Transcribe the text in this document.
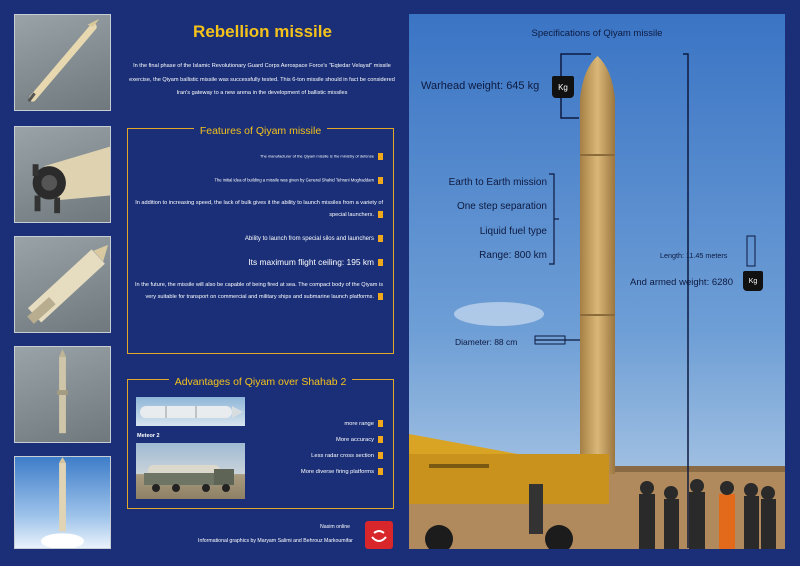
Rebellion missile
In the final phase of the Islamic Revolutionary Guard Corps Aerospace Force's "Eqtedar Velayat" missile exercise, the Qiyam ballistic missile was successfully tested. This 6-ton missile should in fact be considered Iran's gateway to a new arena in the development of ballistic missiles
Features of Qiyam missile
The manufacturer of the Qiyam missile is the ministry of defense
The initial idea of building a missile was given by General Shahid Tehrani Moghaddam
In addition to increasing speed, the lack of bulk gives it the ability to launch missiles from a variety of special launchers.
Ability to launch from special silos and launchers
Its maximum flight ceiling: 195 km
In the future, the missile will also be capable of being fired at sea. The compact body of the Qiyam is very suitable for transport on commercial and military ships and submarine launch platforms.
Advantages of Qiyam over Shahab 2
more range
More accuracy
Less radar cross section
More diverse firing platforms
Meteor 2
Nasim online
Informational graphics by Maryam Salimi and Behrouz Markoumifar
Specifications of Qiyam missile
Warhead weight: 645 kg	Kg
Earth to Earth mission
One step separation
Liquid fuel type
Range: 800 km	Length: 11.45 meters
And armed weight: 6280	Kg
Diameter: 88 cm
